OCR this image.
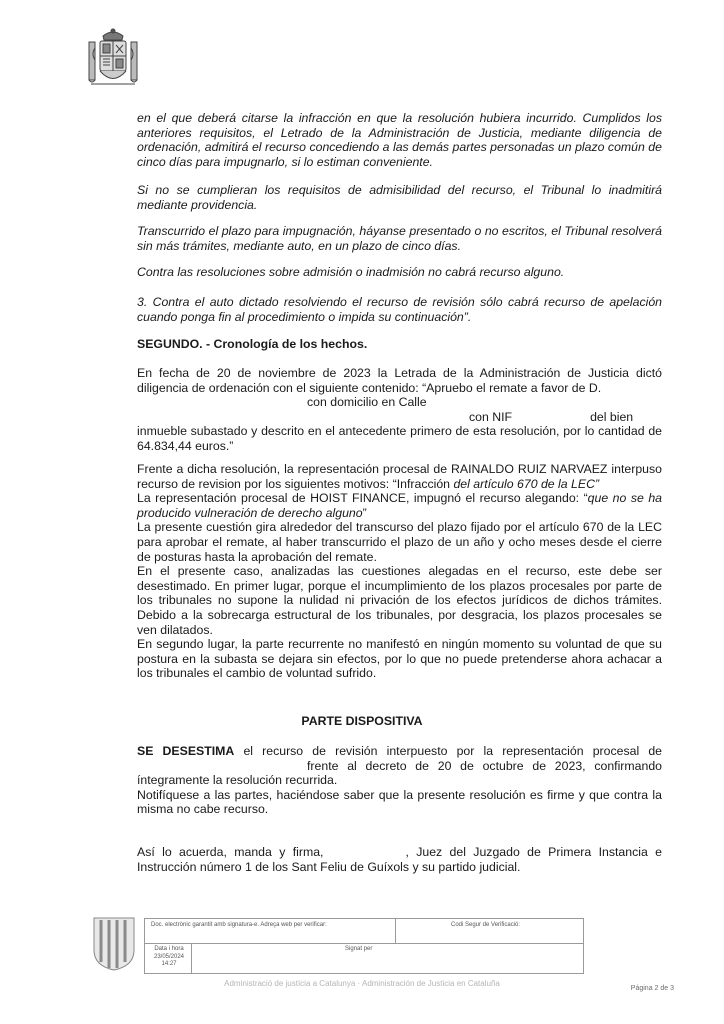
Página 2 de 3

en el que deberá citarse la infracción en que la resolución hubiera incurrido. Cumplidos los anteriores requisitos, el Letrado de la Administración de Justicia, mediante diligencia de ordenación, admitirá el recurso concediendo a las demás partes personadas un plazo común de cinco días para impugnarlo, si lo estiman conveniente.

Si no se cumplieran los requisitos de admisibilidad del recurso, el Tribunal lo inadmitirá mediante providencia.

Transcurrido el plazo para impugnación, háyanse presentado o no escritos, el Tribunal resolverá sin más trámites, mediante auto, en un plazo de cinco días.

Contra las resoluciones sobre admisión o inadmisión no cabrá recurso alguno.

3. Contra el auto dictado resolviendo el recurso de revisión sólo cabrá recurso de apelación cuando ponga fin al procedimiento o impida su continuación”.

SEGUNDO. - Cronología de los hechos.

En fecha de 20 de noviembre de 2023 la Letrada de la Administración de Justicia dictó diligencia de ordenación con el siguiente contenido: “Apruebo el remate a favor de D.
con domicilio en Calle
con NIF	del bien
inmueble subastado y descrito en el antecedente primero de esta resolución, por lo cantidad de 64.834,44 euros.”

Frente a dicha resolución, la representación procesal de RAINALDO RUIZ NARVAEZ interpuso recurso de revision por los siguientes motivos: “Infracción del artículo 670 de la LEC”

La representación procesal de HOIST FINANCE, impugnó el recurso alegando: “que no se ha producido vulneración de derecho alguno”

La presente cuestión gira alrededor del transcurso del plazo fijado por el artículo 670 de la LEC para aprobar el remate, al haber transcurrido el plazo de un año y ocho meses desde el cierre de posturas hasta la aprobación del remate.

En el presente caso, analizadas las cuestiones alegadas en el recurso, este debe ser desestimado. En primer lugar, porque el incumplimiento de los plazos procesales por parte de los tribunales no supone la nulidad ni privación de los efectos jurídicos de dichos trámites. Debido a la sobrecarga estructural de los tribunales, por desgracia, los plazos procesales se ven dilatados.

En segundo lugar, la parte recurrente no manifestó en ningún momento su voluntad de que su postura en la subasta se dejara sin efectos, por lo que no puede pretenderse ahora achacar a los tribunales el cambio de voluntad sufrido.

PARTE DISPOSITIVA

SE DESESTIMA el recurso de revisión interpuesto por la representación procesal defrente al decreto de 20 de octubre de 2023, confirmando íntegramente la resolución recurrida.

Notifíquese a las partes, haciéndose saber que la presente resolución es firme y que contra la misma no cabe recurso.

Así lo acuerda, manda y firma,	, Juez del Juzgado de Primera Instancia e Instrucción número 1 de los Sant Feliu de Guíxols y su partido judicial.

Doc. electrònic garantit amb signatura-e. Adreça web per verificar:	Codi Segur de Verificació:
Data i hora
23/05/2024
14:27
Signat per
Administració de justícia a Catalunya · Administración de Justicia en Cataluña
